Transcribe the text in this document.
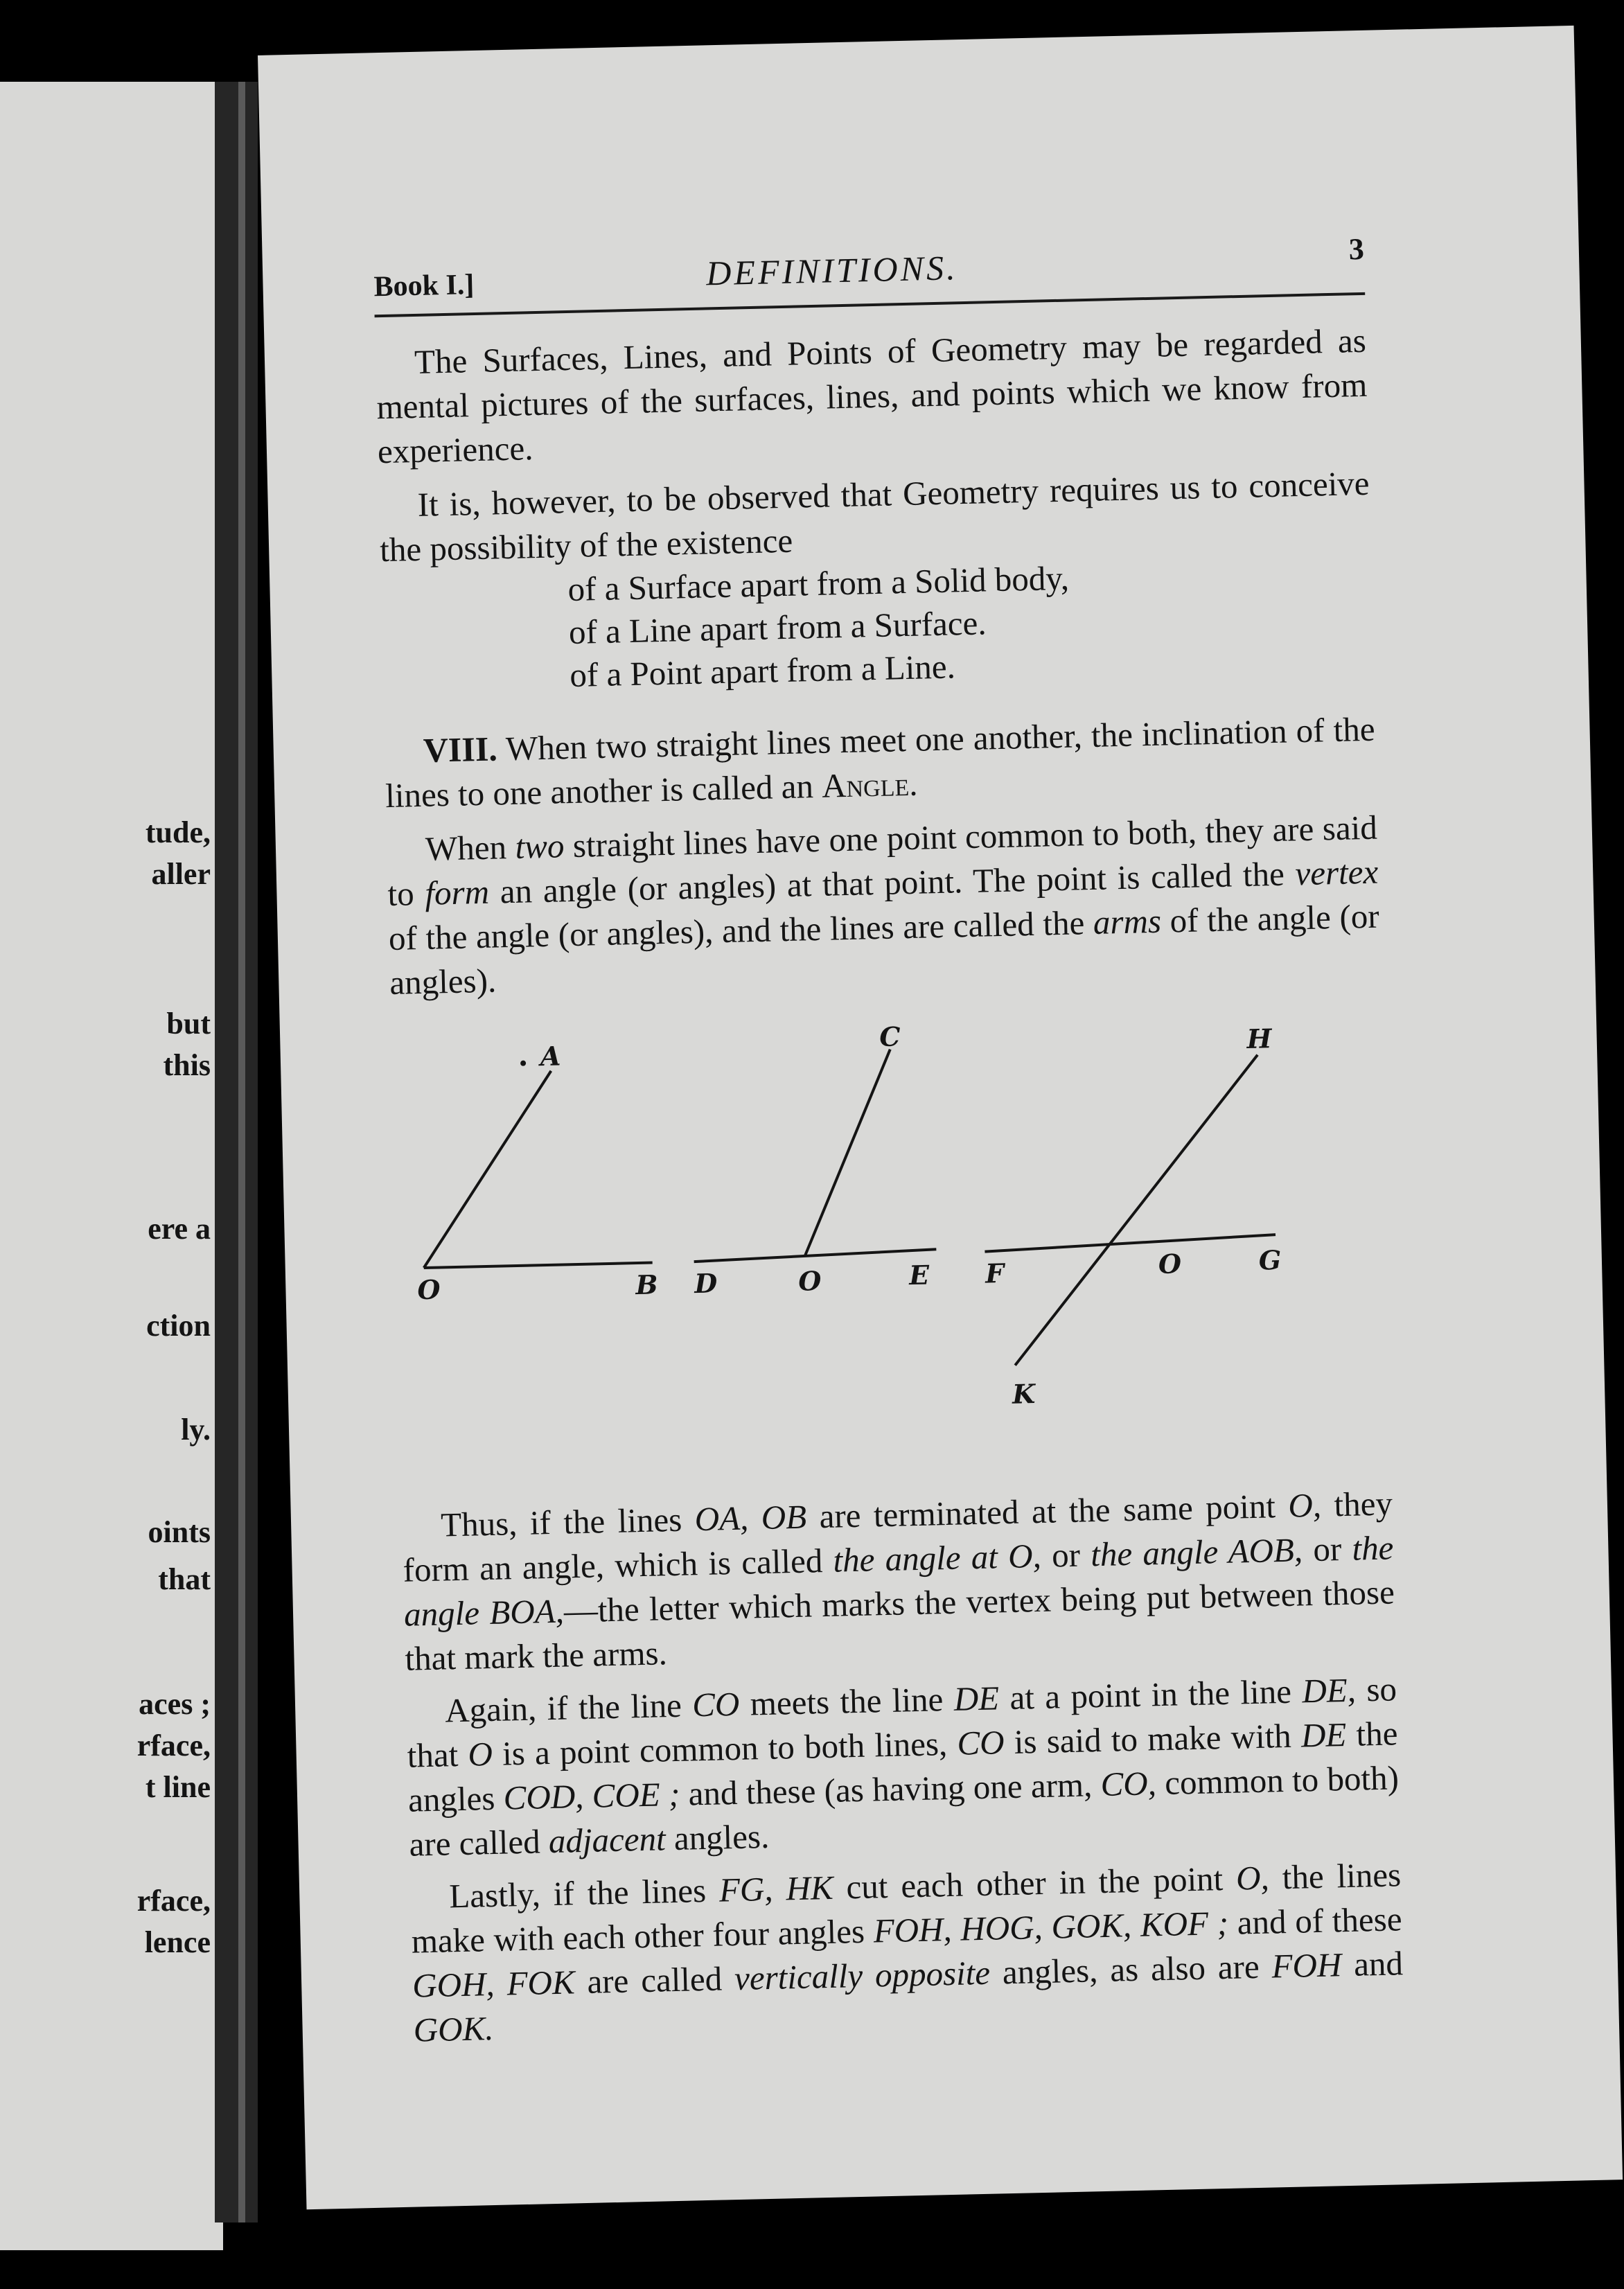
tude,
aller
but
this
ere a
ction
ly.
oints
that
aces ;
rface,
t line
rface,
lence
Book I.]	DEFINITIONS.	3

The Surfaces, Lines, and Points of Geometry may be regarded as mental pictures of the surfaces, lines, and points which we know from experience.

It is, however, to be observed that Geometry requires us to conceive the possibility of the existence

of a Surface apart from a Solid body,
of a Line apart from a Surface.
of a Point apart from a Line.

VIII. When two straight lines meet one another, the inclination of the lines to one another is called an Angle.

When two straight lines have one point common to both, they are said to form an angle (or angles) at that point. The point is called the vertex of the angle (or angles), and the lines are called the arms of the angle (or angles).

A
O	B
C
D	O	E
H
F	O	G
K

Thus, if the lines OA, OB are terminated at the same point O, they form an angle, which is called the angle at O, or the angle AOB, or the angle BOA,—the letter which marks the vertex being put between those that mark the arms.

Again, if the line CO meets the line DE at a point in the line DE, so that O is a point common to both lines, CO is said to make with DE the angles COD, COE ; and these (as having one arm, CO, common to both) are called adjacent angles.

Lastly, if the lines FG, HK cut each other in the point O, the lines make with each other four angles FOH, HOG, GOK, KOF ; and of these GOH, FOK are called vertically opposite angles, as also are FOH and GOK.
